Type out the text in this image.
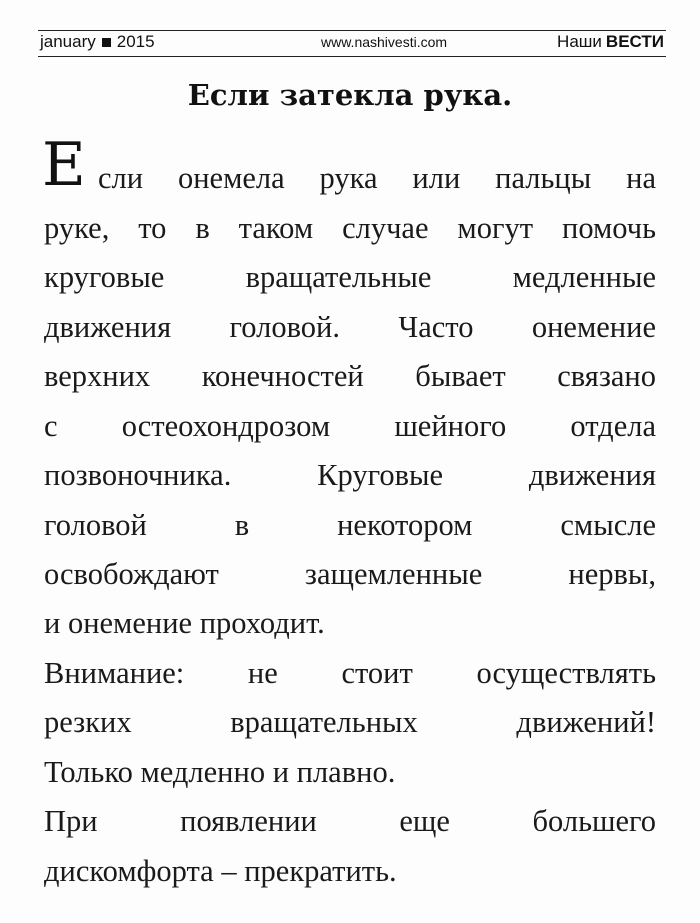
january 2015	www.nashivesti.com	Наши ВЕСТИ
Если затекла рука.
Е сли онемела рука или пальцы на
руке, то в таком случае могут помочь
круговые вращательные медленные
движения головой. Часто онемение
верхних конечностей бывает связано
с остеохондрозом шейного отдела
позвоночника. Круговые движения
головой в некотором смысле
освобождают защемленные нервы,
и онемение проходит.
Внимание: не стоит осуществлять
резких вращательных движений!
Только медленно и плавно.
При появлении еще большего
дискомфорта – прекратить.
